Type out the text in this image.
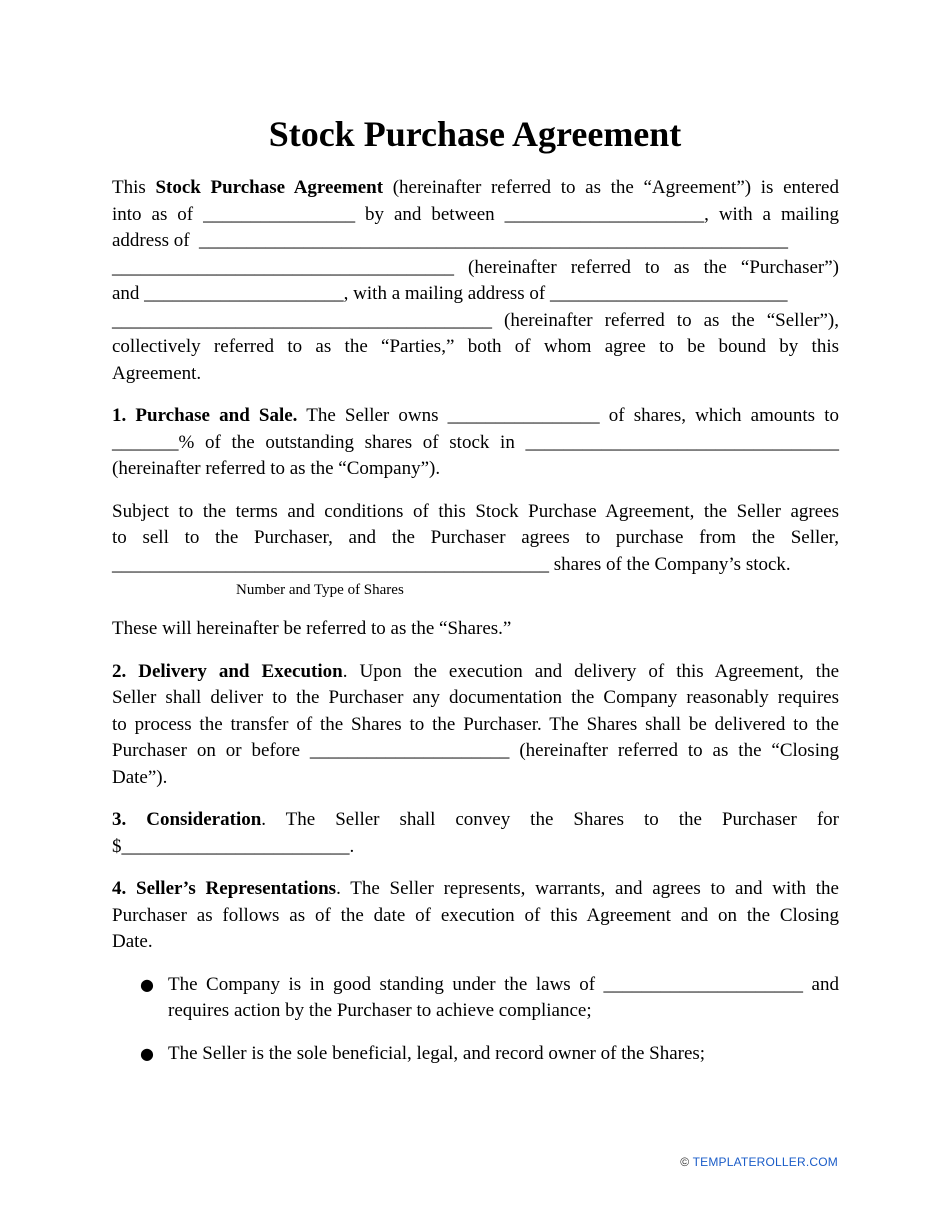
Stock Purchase Agreement

This Stock Purchase Agreement (hereinafter referred to as the “Agreement”) is entered
into as of ________________ by and between _____________________, with a mailing
address of  ______________________________________________________________
____________________________________ (hereinafter referred to as the “Purchaser”)
and _____________________, with a mailing address of _________________________
________________________________________ (hereinafter referred to as the “Seller”),
collectively referred to as the “Parties,” both of whom agree to be bound by this
Agreement.

1. Purchase and Sale. The Seller owns ________________ of shares, which amounts to
_______% of the outstanding shares of stock in _________________________________
(hereinafter referred to as the “Company”).

Subject to the terms and conditions of this Stock Purchase Agreement, the Seller agrees
to sell to the Purchaser, and the Purchaser agrees to purchase from the Seller,
______________________________________________ shares of the Company’s stock.
Number and Type of Shares

These will hereinafter be referred to as the “Shares.”

2. Delivery and Execution. Upon the execution and delivery of this Agreement, the
Seller shall deliver to the Purchaser any documentation the Company reasonably requires
to process the transfer of the Shares to the Purchaser. The Shares shall be delivered to the
Purchaser on or before _____________________ (hereinafter referred to as the “Closing
Date”).

3. Consideration. The Seller shall convey the Shares to the Purchaser for
$________________________.

4. Seller’s Representations. The Seller represents, warrants, and agrees to and with the
Purchaser as follows as of the date of execution of this Agreement and on the Closing
Date.

● The Company is in good standing under the laws of _____________________ and
requires action by the Purchaser to achieve compliance;
● The Seller is the sole beneficial, legal, and record owner of the Shares;
© TEMPLATEROLLER.COM
